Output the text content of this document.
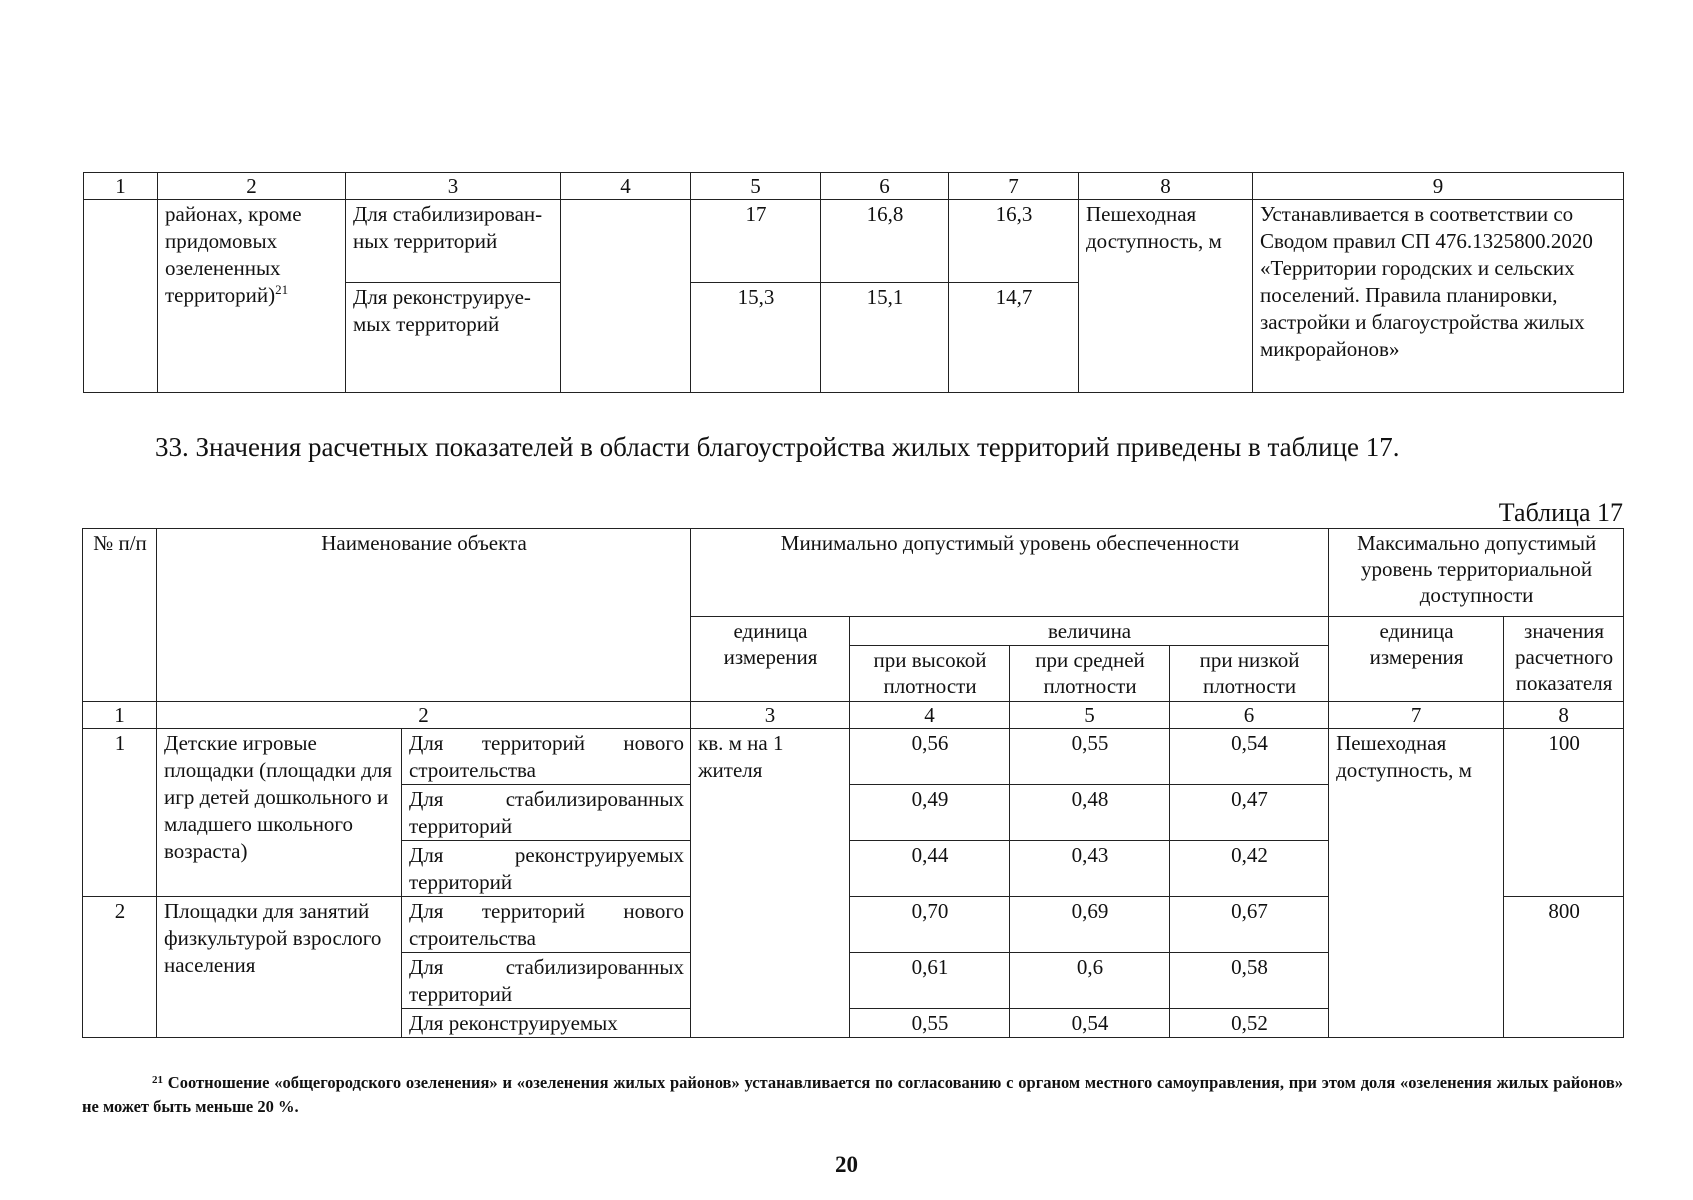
1	2	3	4	5	6	7	8	9
	районах, кроме придомовых озелененных территорий)$^{21}$	Для стабилизирован-ных территорий		17	16,8	16,3	Пешеходная доступность, м	Устанавливается в соответствии со Сводом правил СП 476.1325800.2020 «Территории городских и сельских поселений. Правила планировки, застройки и благоустройства жилых микрорайонов»
		Для реконструируе-мых территорий		15,3	15,1	14,7		
33. Значения расчетных показателей в области благоустройства жилых территорий приведены в таблице 17.
Таблица 17
№ п/п	Наименование объекта		Минимально допустимый уровень обеспеченности				Максимально допустимый уровень территориальной доступности	
			единица измерения	величина			единица измерения	значения расчетного показателя
				при высокой плотности	при средней плотности	при низкой плотности		
1	2		3	4	5	6	7	8
1	Детские игровые площадки (площадки для игр детей дошкольного и младшего школьного возраста)	Для территорий нового строительства	кв. м на 1 жителя	0,56	0,55	0,54	Пешеходная доступность, м	100
		Для стабилизированных территорий		0,49	0,48	0,47		
		Для реконструируемых территорий		0,44	0,43	0,42		
2	Площадки для занятий физкультурой взрослого населения	Для территорий нового строительства		0,70	0,69	0,67		800
		Для стабилизированных территорий		0,61	0,6	0,58		
		Для реконструируемых		0,55	0,54	0,52		
$^{21}$ Соотношение «общегородского озеленения» и «озеленения жилых районов» устанавливается по согласованию с органом местного самоуправления, при этом доля «озеленения жилых районов» не может быть меньше 20 %.
20
